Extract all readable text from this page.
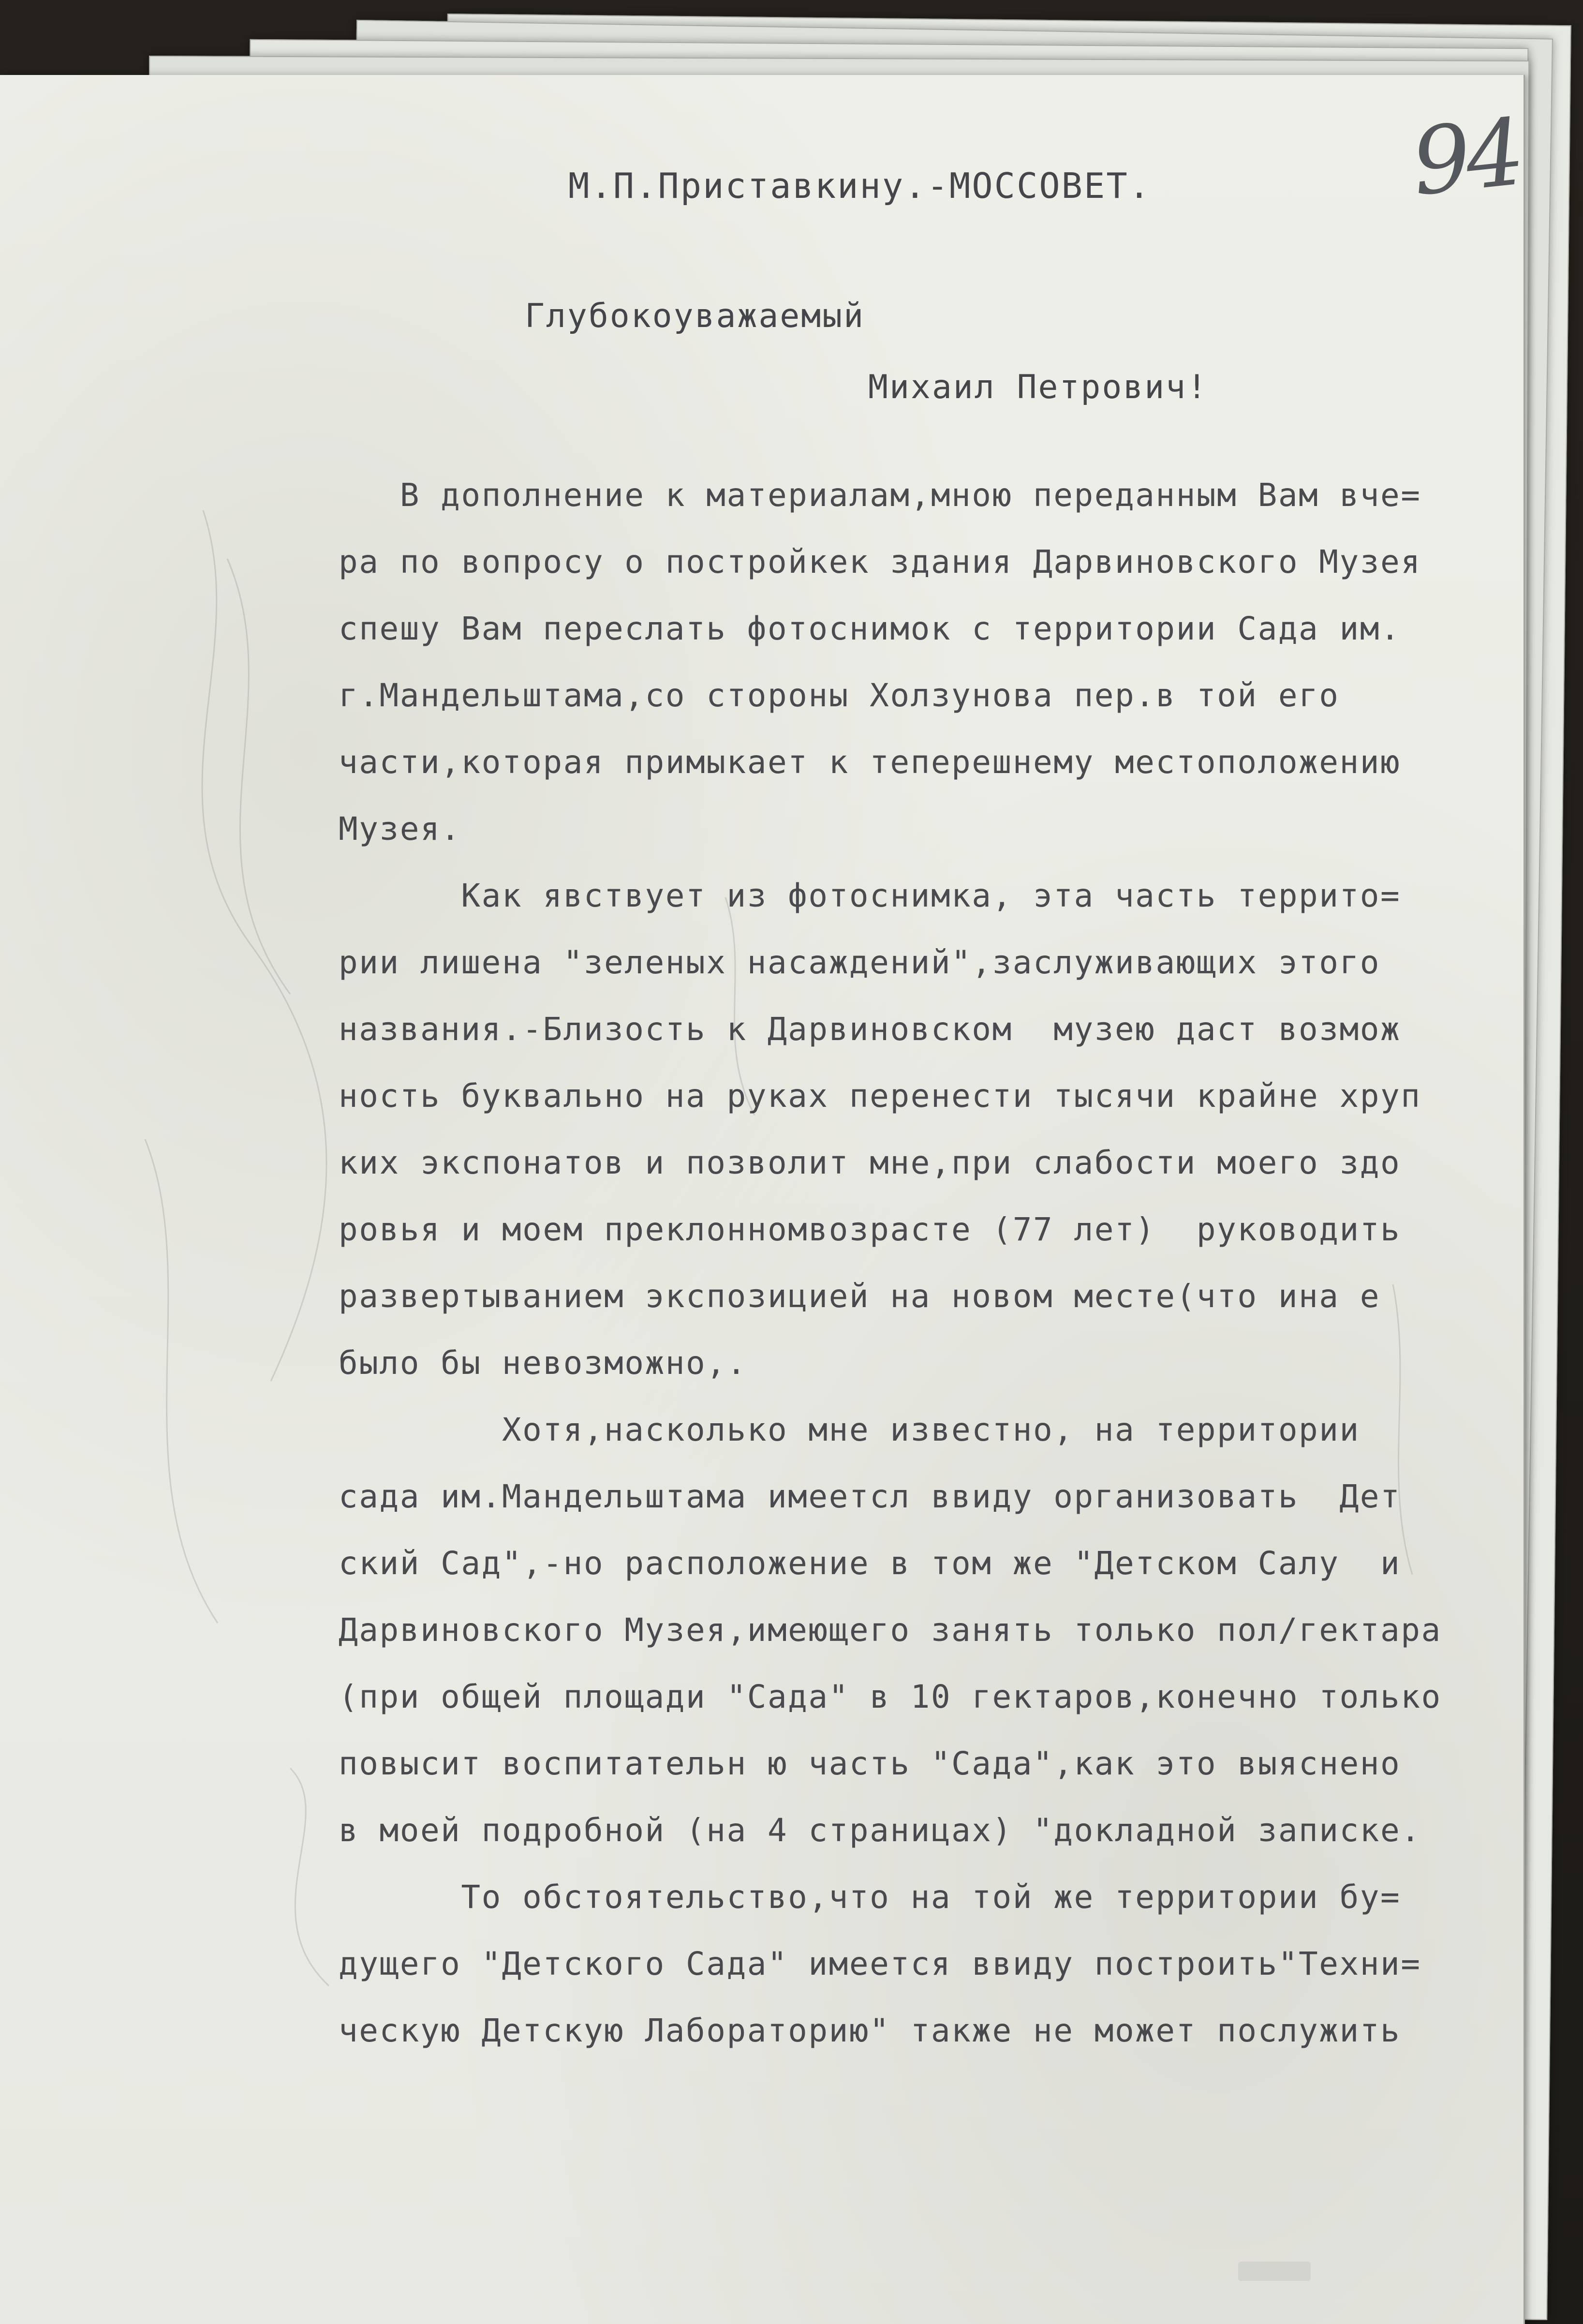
94
М.П.Приставкину.-МОССОВЕТ.
Глубокоуважаемый
Михаил Петрович!
В дополнение к материалам,мною переданным Вам вче=
ра по вопросу о постройкек здания Дарвиновского Музея
спешу Вам переслать фотоснимок с территории Сада им.
г.Мандельштама,со стороны Холзунова пер.в той его
части,которая примыкает к теперешнему местоположению
Музея.
Как явствует из фотоснимка, эта часть террито=
рии лишена "зеленых насаждений",заслуживающих этого
названия.-Близость к Дарвиновском  музею даст возмож
ность буквально на руках перенести тысячи крайне хруп
ких экспонатов и позволит мне,при слабости моего здо
ровья и моем преклонномвозрасте (77 лет)  руководить
развертыванием экспозицией на новом месте(что ина е
было бы невозможно,.
Хотя,насколько мне известно, на территории
сада им.Мандельштама имеетсл ввиду организовать  Дет
ский Сад",-но расположение в том же "Детском Салу  и
Дарвиновского Музея,имеющего занять только пол/гектара
(при общей площади "Сада" в 10 гектаров,конечно только
повысит воспитательн ю часть "Сада",как это выяснено
в моей подробной (на 4 страницах) "докладной записке.
То обстоятельство,что на той же территории бу=
дущего "Детского Сада" имеется ввиду построить"Техни=
ческую Детскую Лабораторию" также не может послужить
